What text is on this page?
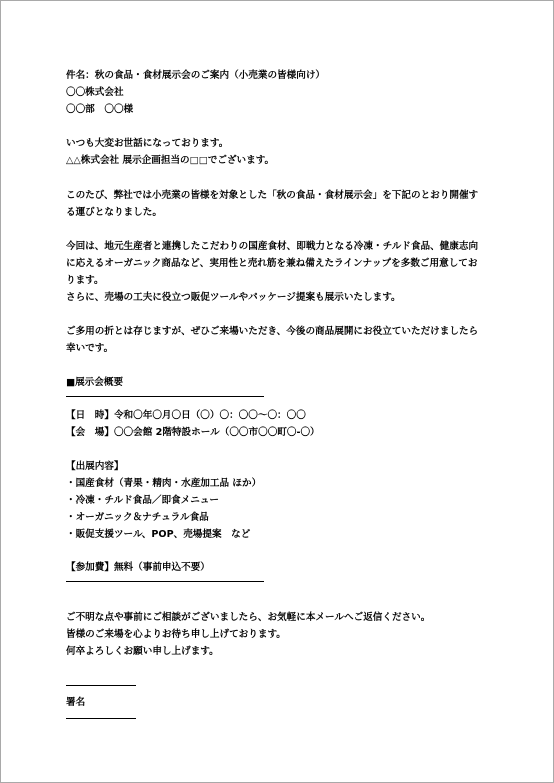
件名：秋の食品・食材展示会のご案内（小売業の皆様向け）
〇〇株式会社
〇〇部　〇〇様
いつも大変お世話になっております。
△△株式会社 展示企画担当の□□でございます。
このたび、弊社では小売業の皆様を対象とした「秋の食品・食材展示会」を下記のとおり開催す
る運びとなりました。
今回は、地元生産者と連携したこだわりの国産食材、即戦力となる冷凍・チルド食品、健康志向
に応えるオーガニック商品など、実用性と売れ筋を兼ね備えたラインナップを多数ご用意してお
ります。
さらに、売場の工夫に役立つ販促ツールやパッケージ提案も展示いたします。
ご多用の折とは存じますが、ぜひご来場いただき、今後の商品展開にお役立ていただけましたら
幸いです。
■展示会概要
【日　時】令和〇年〇月〇日（〇）〇：〇〇～〇：〇〇
【会　場】〇〇会館 2階特設ホール（〇〇市〇〇町〇-〇）
【出展内容】
・国産食材（青果・精肉・水産加工品 ほか）
・冷凍・チルド食品／即食メニュー
・オーガニック＆ナチュラル食品
・販促支援ツール、POP、売場提案　など
【参加費】無料（事前申込不要）
ご不明な点や事前にご相談がございましたら、お気軽に本メールへご返信ください。
皆様のご来場を心よりお待ち申し上げております。
何卒よろしくお願い申し上げます。
署名
